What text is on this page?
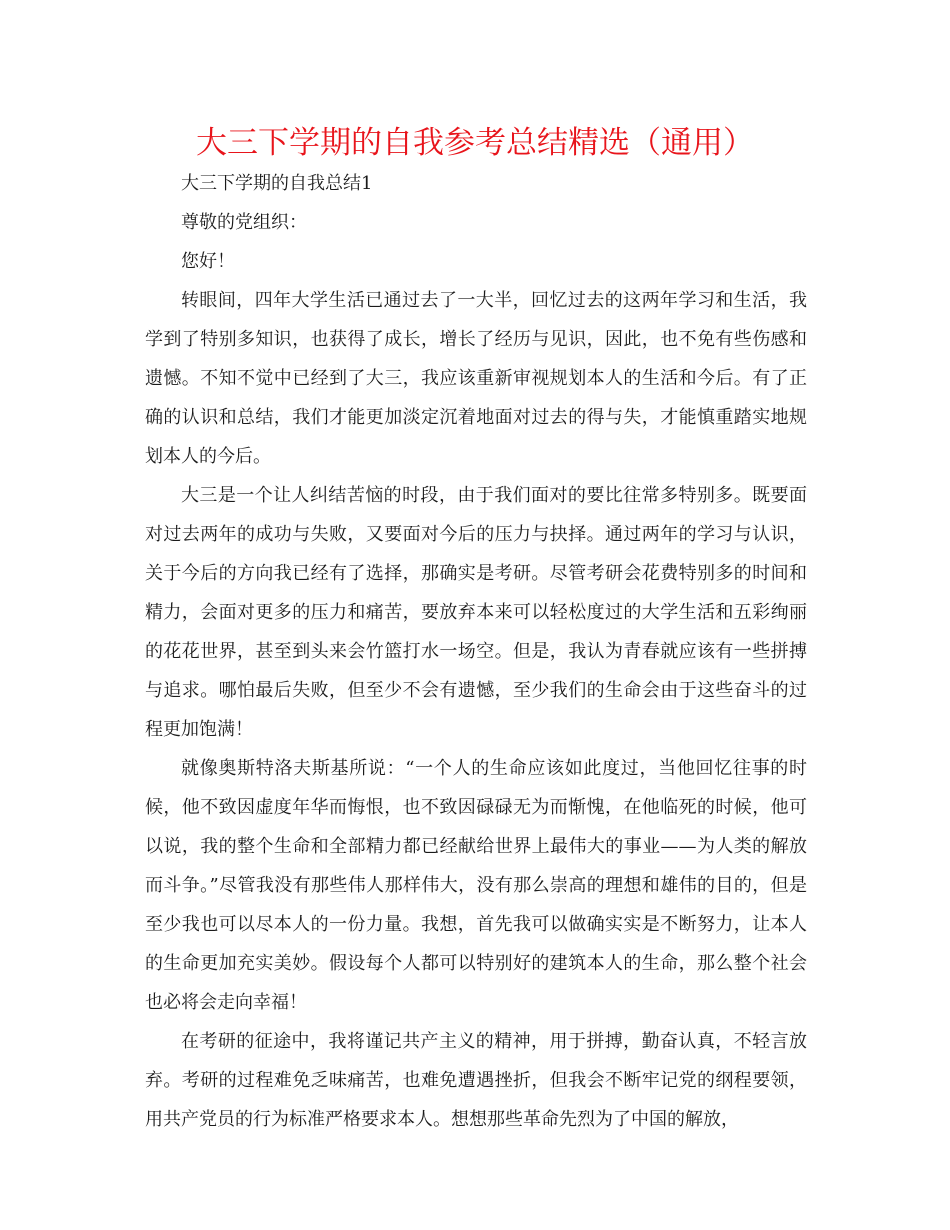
大三下学期的自我参考总结精选（通用）

大三下学期的自我总结1

尊敬的党组织：

您好！

转眼间，四年大学生活已通过去了一大半，回忆过去的这两年学习和生活，我学到了特别多知识，也获得了成长，增长了经历与见识，因此，也不免有些伤感和遗憾。不知不觉中已经到了大三，我应该重新审视规划本人的生活和今后。有了正确的认识和总结，我们才能更加淡定沉着地面对过去的得与失，才能慎重踏实地规划本人的今后。

大三是一个让人纠结苦恼的时段，由于我们面对的要比往常多特别多。既要面对过去两年的成功与失败，又要面对今后的压力与抉择。通过两年的学习与认识，关于今后的方向我已经有了选择，那确实是考研。尽管考研会花费特别多的时间和精力，会面对更多的压力和痛苦，要放弃本来可以轻松度过的大学生活和五彩绚丽的花花世界，甚至到头来会竹篮打水一场空。但是，我认为青春就应该有一些拼搏与追求。哪怕最后失败，但至少不会有遗憾，至少我们的生命会由于这些奋斗的过程更加饱满！

就像奥斯特洛夫斯基所说：“一个人的生命应该如此度过，当他回忆往事的时候，他不致因虚度年华而悔恨，也不致因碌碌无为而惭愧，在他临死的时候，他可以说，我的整个生命和全部精力都已经献给世界上最伟大的事业——为人类的解放而斗争。”尽管我没有那些伟人那样伟大，没有那么崇高的理想和雄伟的目的，但是至少我也可以尽本人的一份力量。我想，首先我可以做确实实是不断努力，让本人的生命更加充实美妙。假设每个人都可以特别好的建筑本人的生命，那么整个社会也必将会走向幸福！

在考研的征途中，我将谨记共产主义的精神，用于拼搏，勤奋认真，不轻言放弃。考研的过程难免乏味痛苦，也难免遭遇挫折，但我会不断牢记党的纲程要领，用共产党员的行为标准严格要求本人。想想那些革命先烈为了中国的解放，
